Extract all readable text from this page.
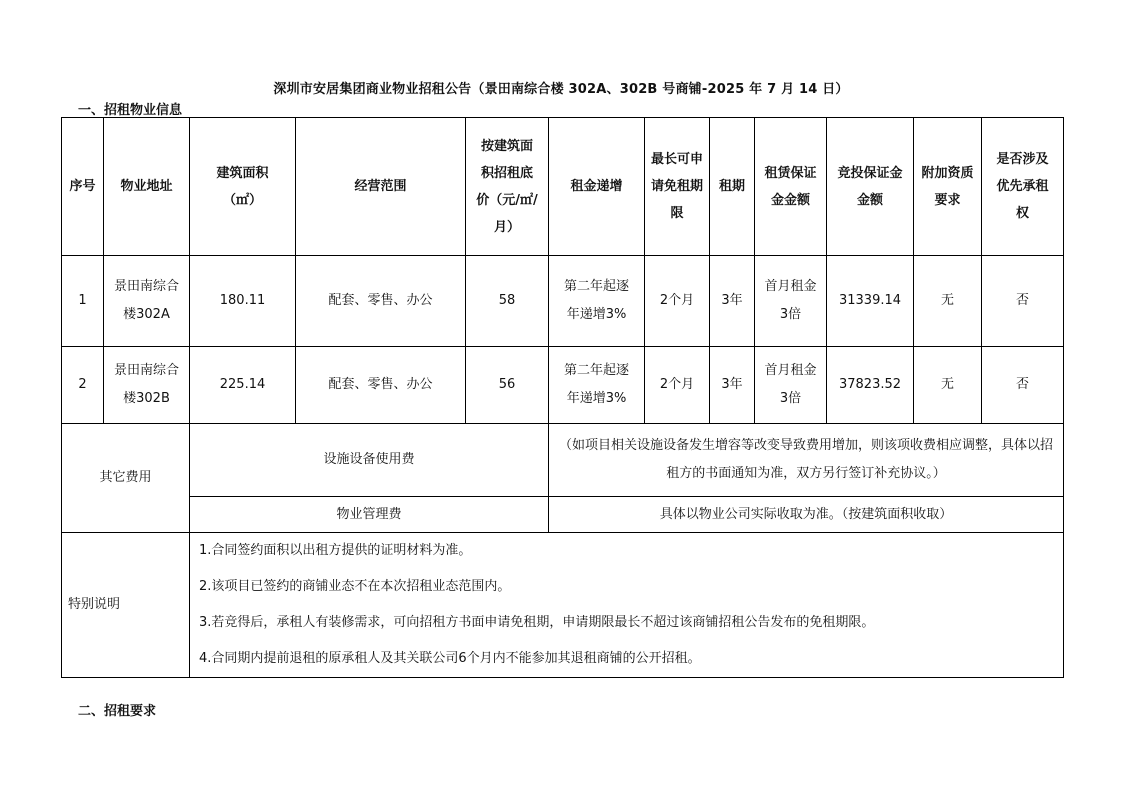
深圳市安居集团商业物业招租公告（景田南综合楼 302A、302B 号商铺-2025 年 7 月 14 日）
一、招租物业信息
序号	物业地址	建筑面积（㎡）	经营范围	按建筑面积招租底价（元/㎡/月）	租金递增	最长可申请免租期限	租期	租赁保证金金额	竞投保证金金额	附加资质要求	是否涉及优先承租权
1	景田南综合楼302A	180.11	配套、零售、办公	58	第二年起逐年递增3%	2个月	3年	首月租金3倍	31339.14	无	否
2	景田南综合楼302B	225.14	配套、零售、办公	56	第二年起逐年递增3%	2个月	3年	首月租金3倍	37823.52	无	否
其它费用		设施设备使用费			（如项目相关设施设备发生增容等改变导致费用增加，则该项收费相应调整，具体以招租方的书面通知为准，双方另行签订补充协议。）						
		物业管理费			具体以物业公司实际收取为准。（按建筑面积收取）						
特别说明		1.合同签约面积以出租方提供的证明材料为准。
2.该项目已签约的商铺业态不在本次招租业态范围内。
3.若竞得后，承租人有装修需求，可向招租方书面申请免租期，申请期限最长不超过该商铺招租公告发布的免租期限。
4.合同期内提前退租的原承租人及其关联公司6个月内不能参加其退租商铺的公开招租。									
二、招租要求
